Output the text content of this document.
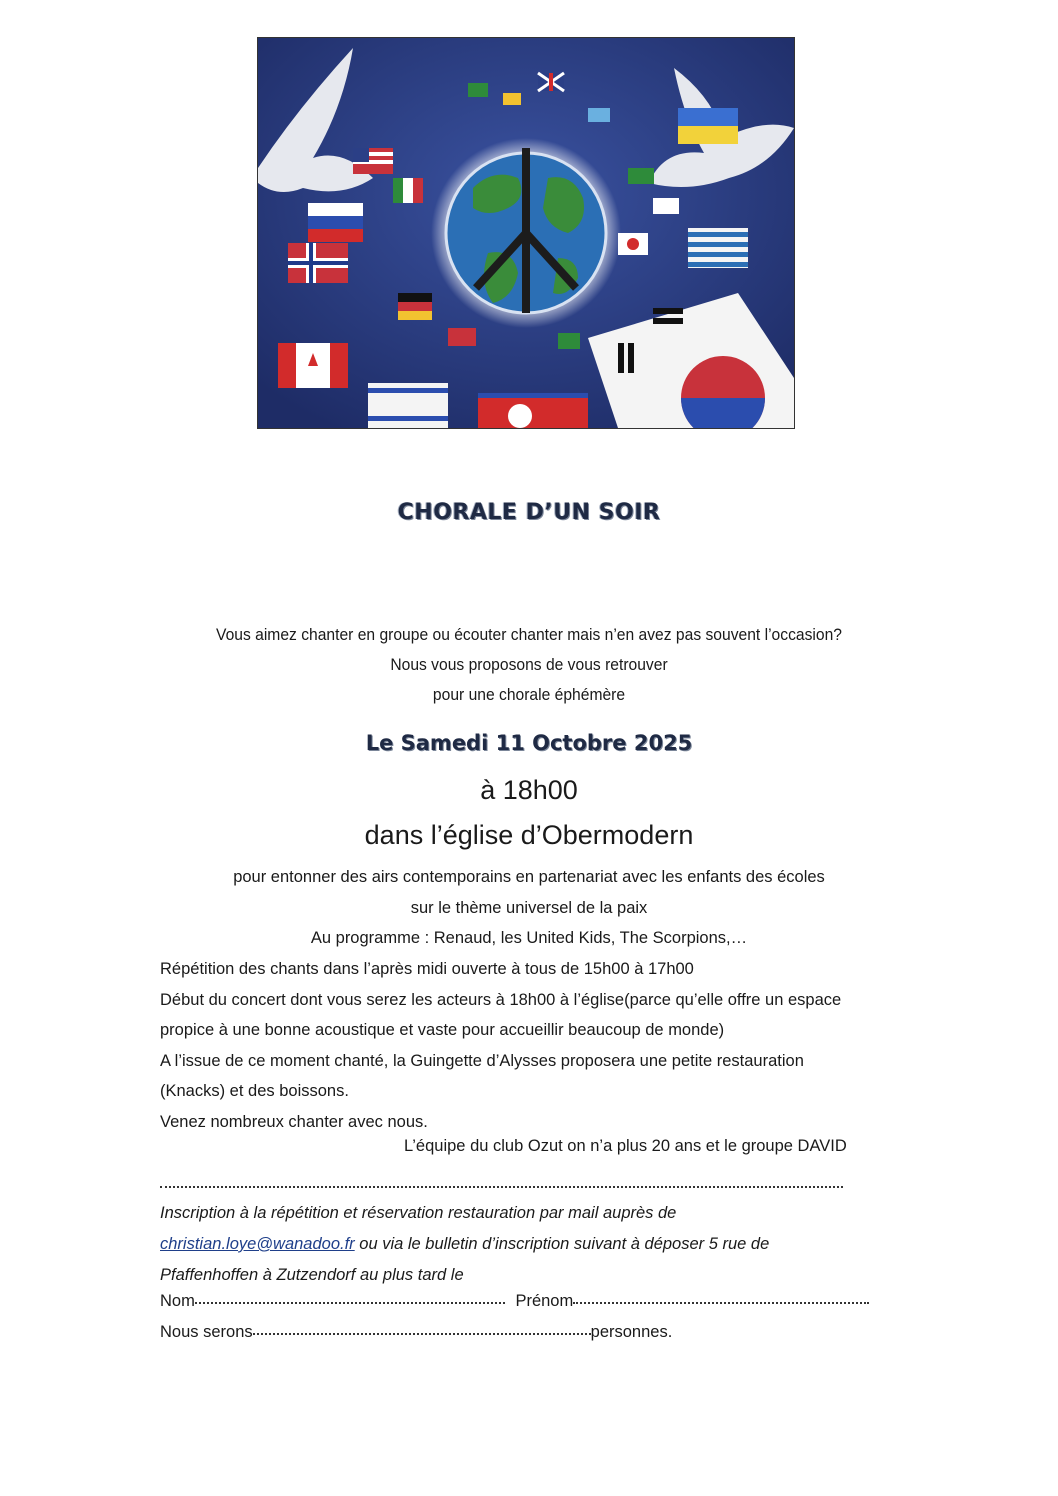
CHORALE D’UN SOIR
Vous aimez chanter en groupe ou écouter chanter mais n’en avez pas souvent l’occasion?
Nous vous proposons de vous retrouver
pour une chorale éphémère
Le Samedi 11 Octobre 2025
à 18h00
dans l’église d’Obermodern
pour entonner des airs contemporains en partenariat avec les enfants des écoles
sur le thème universel de la paix
Au programme : Renaud, les United Kids, The Scorpions,…
Répétition des chants dans l’après midi ouverte à tous de 15h00 à 17h00
Début du concert dont vous serez les acteurs à 18h00 à l’église(parce qu’elle offre un espace
propice à une bonne acoustique et vaste pour accueillir beaucoup de monde)
A l’issue de ce moment chanté, la Guingette d’Alysses proposera une petite restauration
(Knacks) et des boissons.
Venez nombreux chanter avec nous.
L’équipe du club Ozut on n’a plus 20 ans et le groupe DAVID
Inscription à la répétition et réservation restauration par mail auprès de
christian.loye@wanadoo.fr ou via le bulletin d’inscription suivant à déposer 5 rue de
Pfaffenhoffen à Zutzendorf au plus tard le
Nom	Prénom
Nous serons	personnes.
